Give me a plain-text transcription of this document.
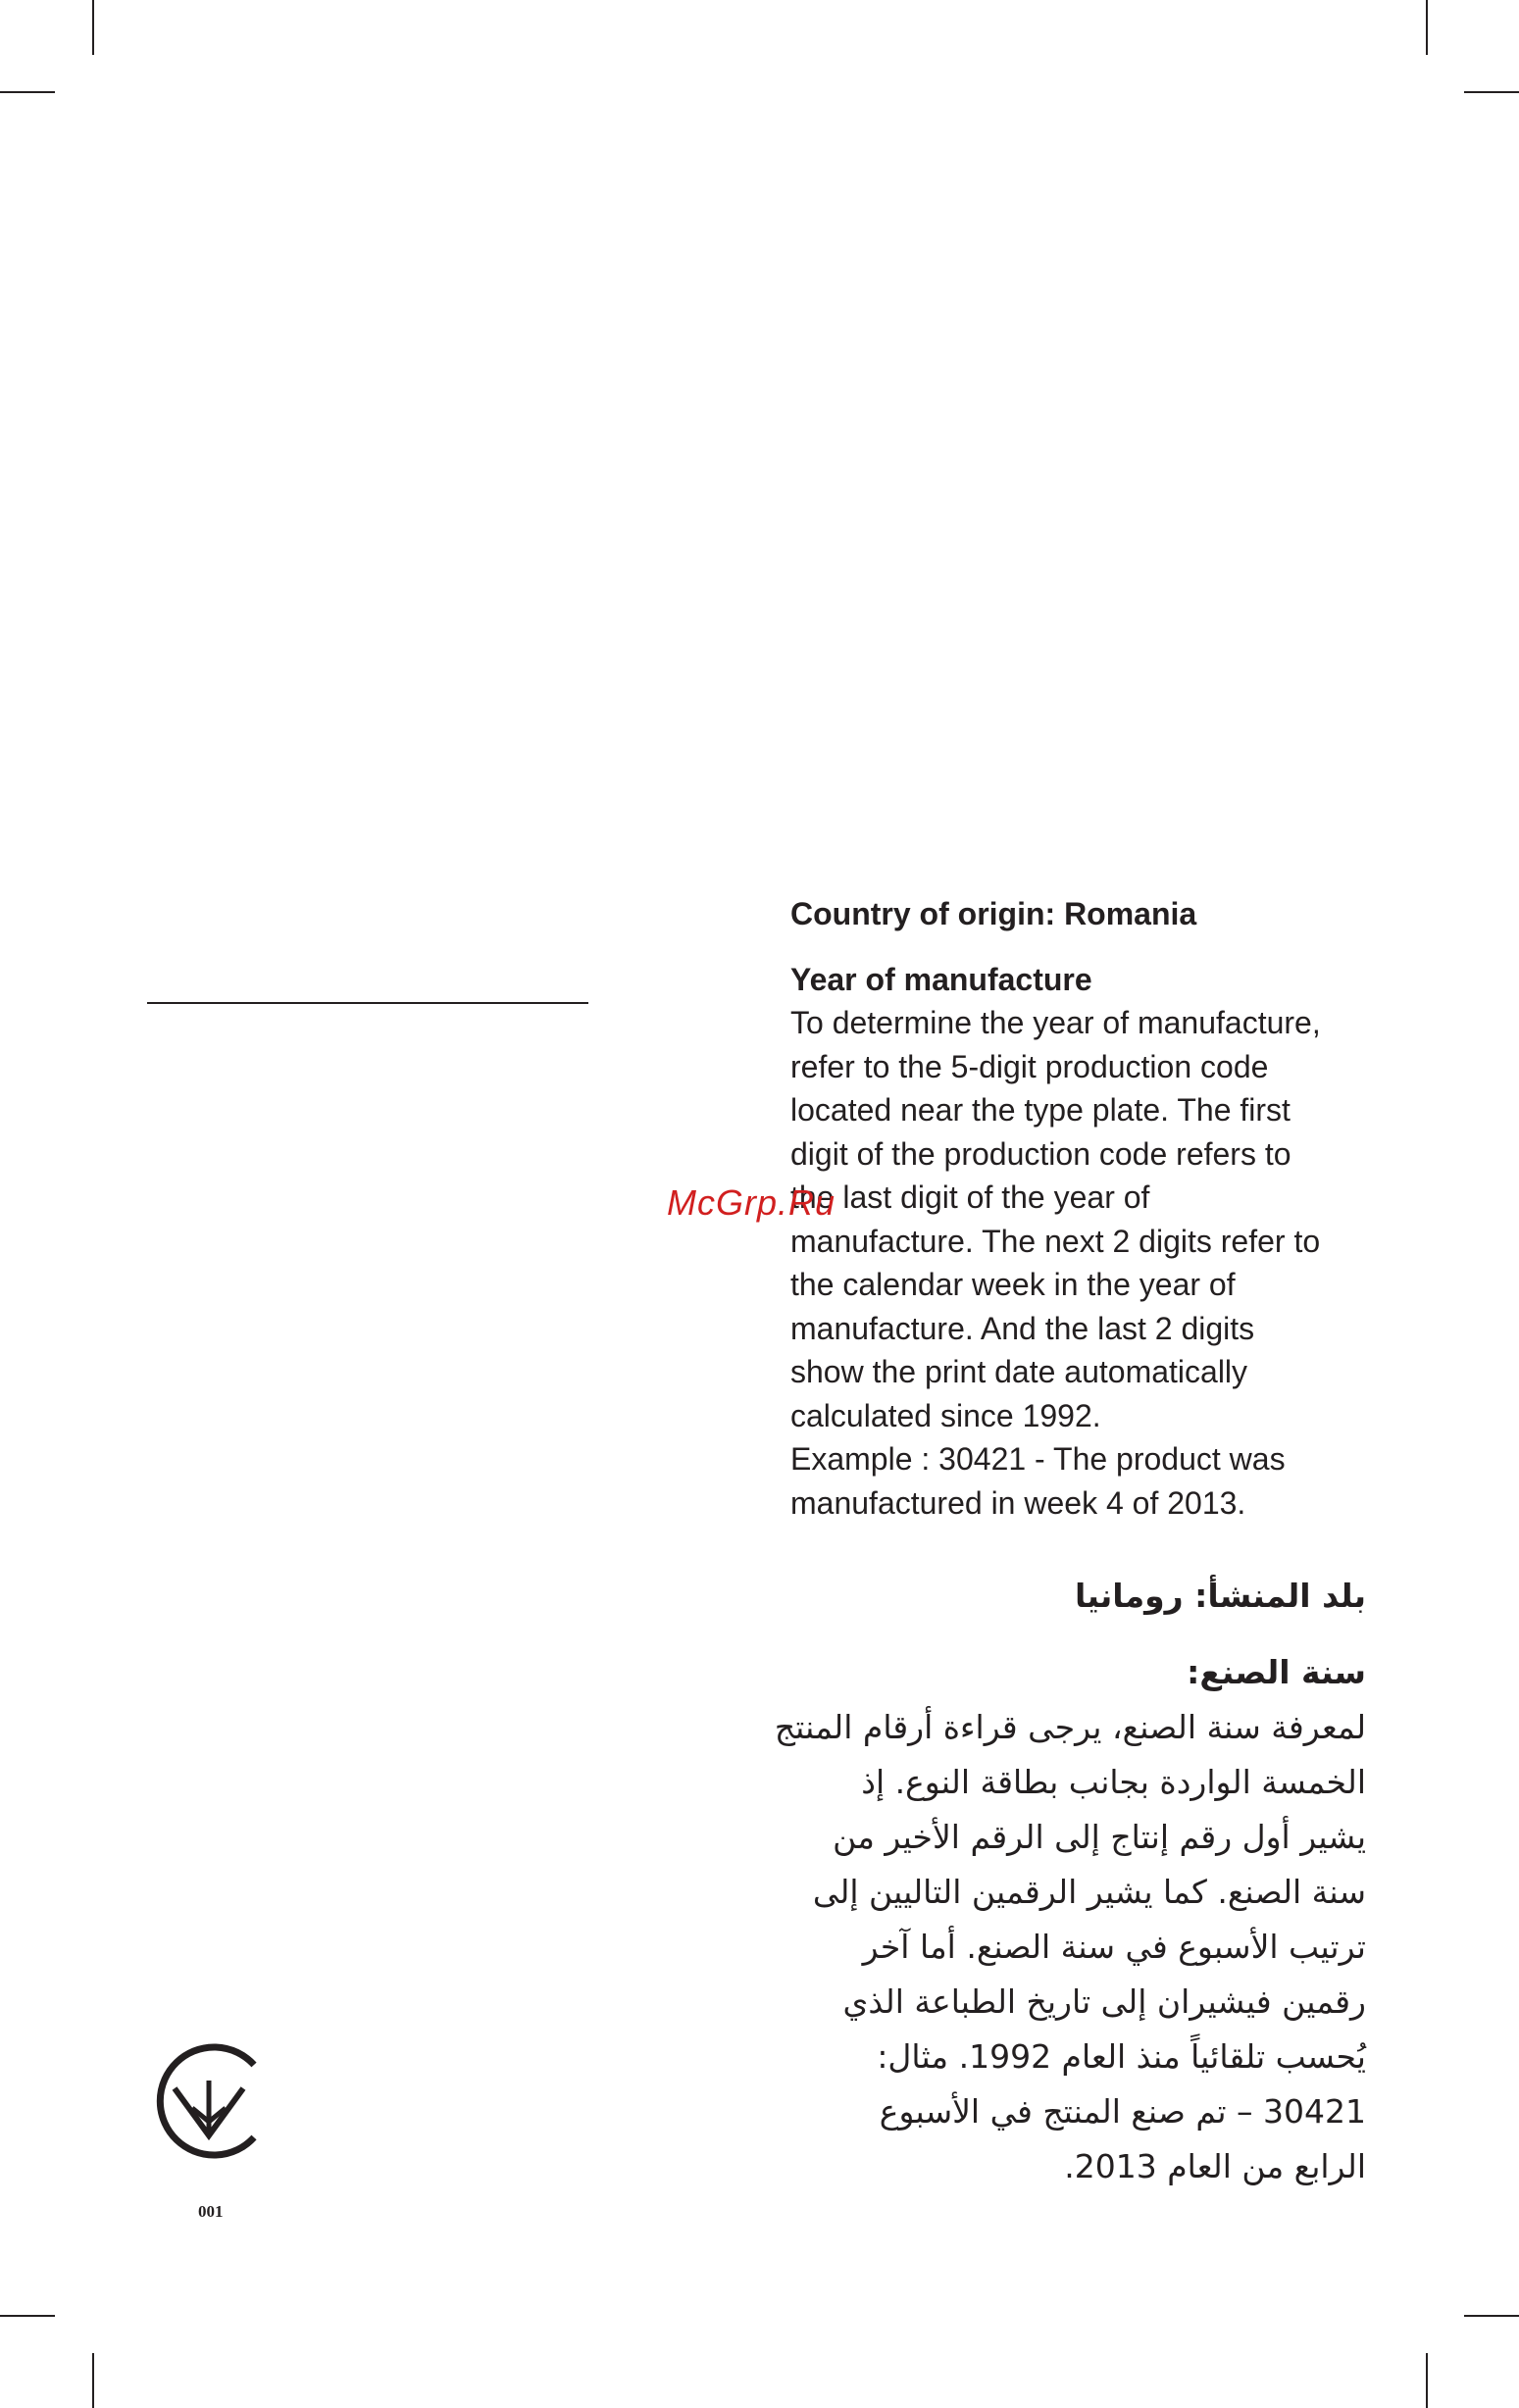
Country of origin: Romania

Year of manufacture

To determine the year of manufacture,
refer to the 5-digit production code
located near the type plate. The first
digit of the production code refers to
the last digit of the year of
manufacture. The next 2 digits refer to
the calendar week in the year of
manufacture. And the last 2 digits
show the print date automatically
calculated since 1992.
Example : 30421 - The product was
manufactured in week 4 of 2013.

McGrp.Ru

بلد المنشأ: رومانيا

سنة الصنع:

لمعرفة سنة الصنع، يرجى قراءة أرقام المنتج
الخمسة الواردة بجانب بطاقة النوع. إذ
يشير أول رقم إنتاج إلى الرقم الأخير من
سنة الصنع. كما يشير الرقمين التاليين إلى
ترتيب الأسبوع في سنة الصنع. أما آخر
رقمين فيشيران إلى تاريخ الطباعة الذي
يُحسب تلقائياً منذ العام 1992. مثال:
30421 – تم صنع المنتج في الأسبوع
الرابع من العام 2013.

001
